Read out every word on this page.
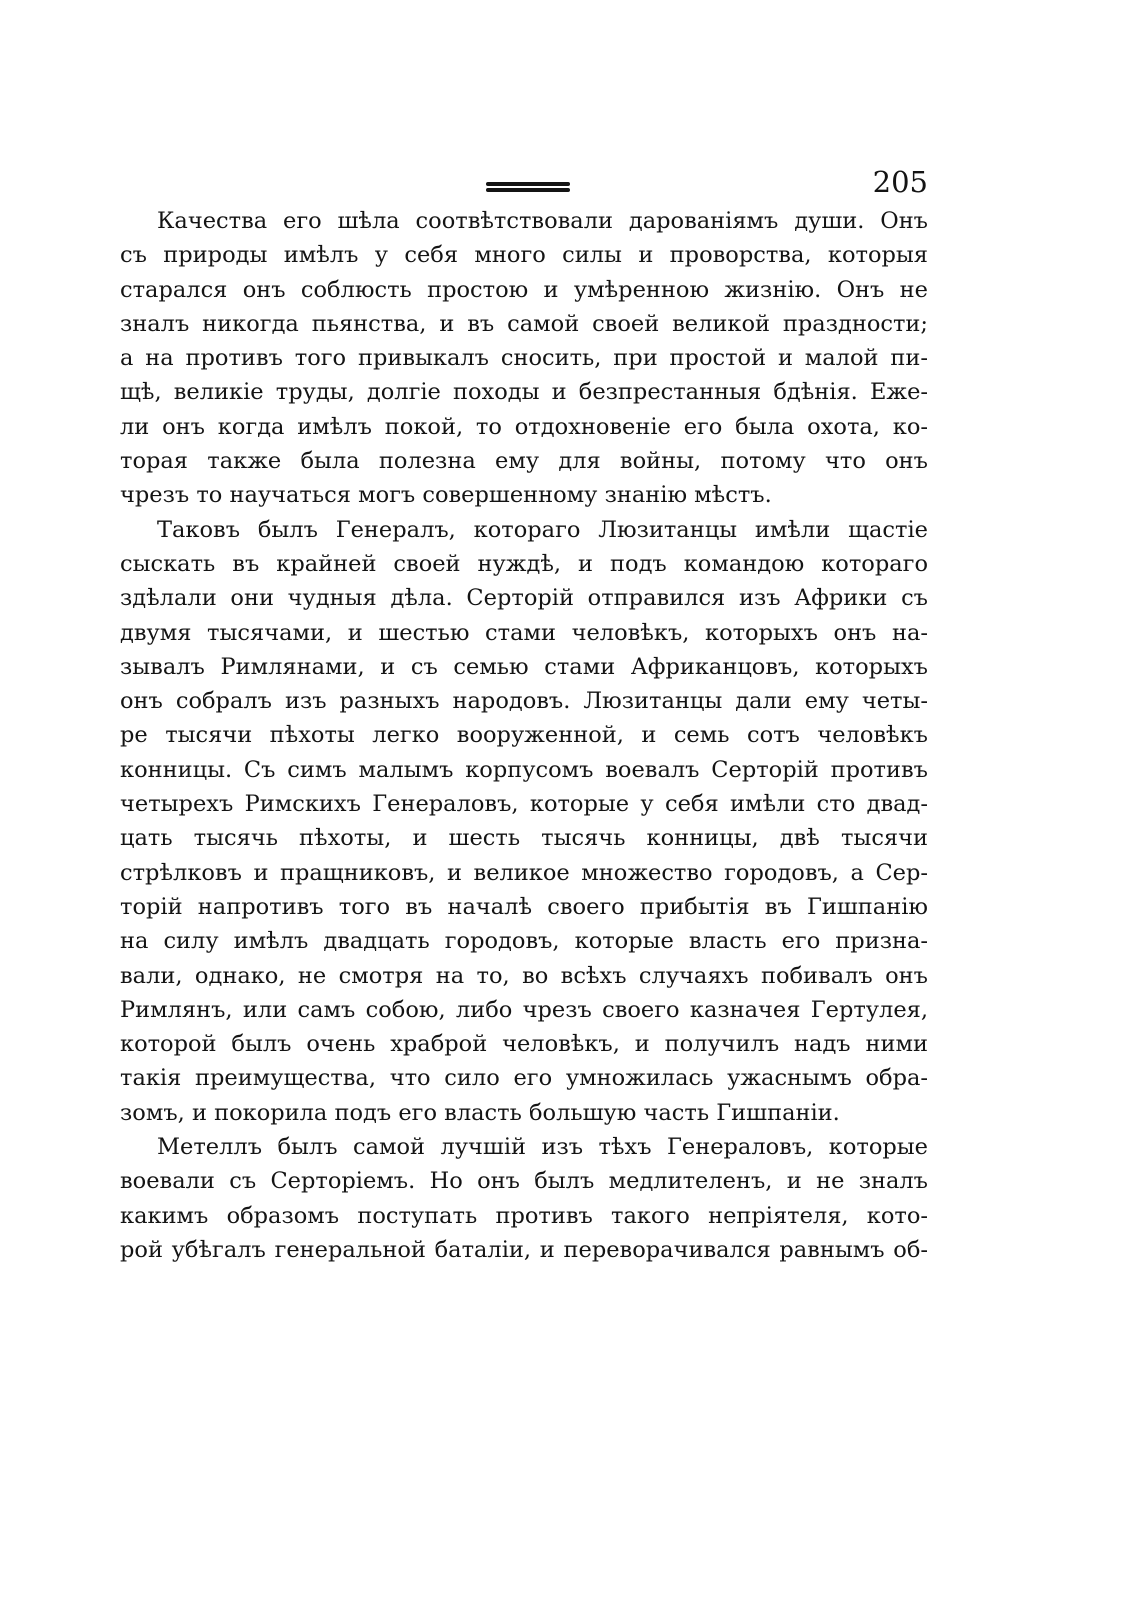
205
Качества его шѣла соотвѣтствовали дарованіямъ души. Онъ
съ природы имѣлъ у себя много силы и проворства, которыя
старался онъ соблюсть простою и умѣренною жизнію. Онъ не
зналъ никогда пьянства, и въ самой своей великой праздности;
а на противъ того привыкалъ сносить, при простой и малой пи-
щѣ, великіе труды, долгіе походы и безпрестанныя бдѣнія. Еже-
ли онъ когда имѣлъ покой, то отдохновеніе его была охота, ко-
торая также была полезна ему для войны, потому что онъ
чрезъ то научаться могъ совершенному знанію мѣстъ.
Таковъ былъ Генералъ, котораго Люзитанцы имѣли щастіе
сыскать въ крайней своей нуждѣ, и подъ командою котораго
здѣлали они чудныя дѣла. Серторій отправился изъ Африки съ
двумя тысячами, и шестью стами человѣкъ, которыхъ онъ на-
зывалъ Римлянами, и съ семью стами Африканцовъ, которыхъ
онъ собралъ изъ разныхъ народовъ. Люзитанцы дали ему четы-
ре тысячи пѣхоты легко вооруженной, и семь сотъ человѣкъ
конницы. Съ симъ малымъ корпусомъ воевалъ Серторій противъ
четырехъ Римскихъ Генераловъ, которые у себя имѣли сто двад-
цать тысячь пѣхоты, и шесть тысячь конницы, двѣ тысячи
стрѣлковъ и пращниковъ, и великое множество городовъ, а Сер-
торій напротивъ того въ началѣ своего прибытія въ Гишпанію
на силу имѣлъ двадцать городовъ, которые власть его призна-
вали, однако, не смотря на то, во всѣхъ случаяхъ побивалъ онъ
Римлянъ, или самъ собою, либо чрезъ своего казначея Гертулея,
которой былъ очень храброй человѣкъ, и получилъ надъ ними
такія преимущества, что сило его умножилась ужаснымъ обра-
зомъ, и покорила подъ его власть большую часть Гишпаніи.
Метеллъ былъ самой лучшій изъ тѣхъ Генераловъ, которые
воевали съ Серторіемъ. Но онъ былъ медлителенъ, и не зналъ
какимъ образомъ поступать противъ такого непріятеля, кото-
рой убѣгалъ генеральной баталіи, и переворачивался равнымъ об-
